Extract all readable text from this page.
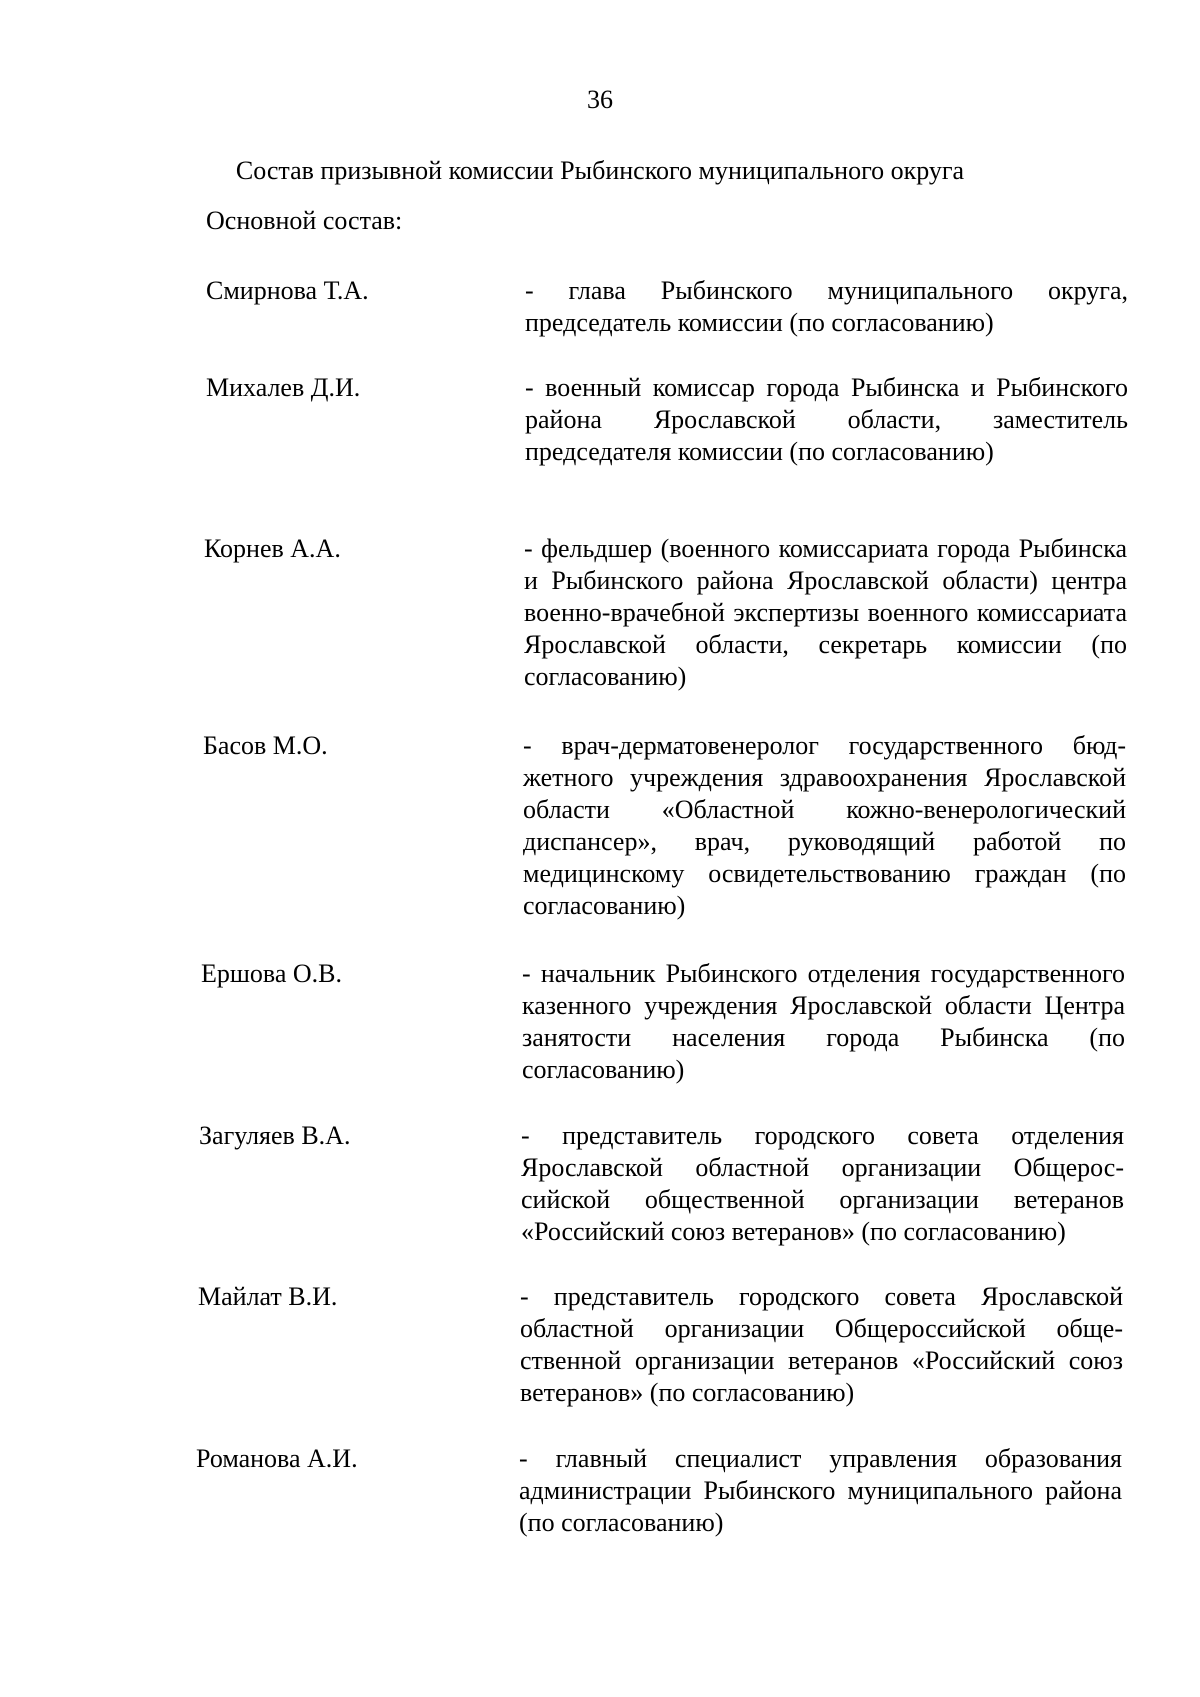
36
Состав призывной комиссии Рыбинского муниципального округа
Основной состав:
Смирнова Т.А.	- глава Рыбинского муниципального округа, председатель комиссии (по согласованию)
Михалев Д.И.	- военный комиссар города Рыбинска и Рыбинского района Ярославской области, заместитель председателя комиссии (по согласованию)
Корнев А.А.	- фельдшер (военного комиссариата города Рыбинска и Рыбинского района Ярославской области) центра военно-врачебной экспертизы военного комиссариата Ярославской области, секретарь комиссии (по согласованию)
Басов М.О.	- врач-дерматовенеролог государственного бюджетного учреждения здравоохранения Ярославской области «Областной кожно-венерологический диспансер», врач, руководящий работой по медицинскому освидетельствованию граждан (по согласованию)
Ершова О.В.	- начальник Рыбинского отделения государственного казенного учреждения Ярославской области Центра занятости населения города Рыбинска (по согласованию)
Загуляев В.А.	- представитель городского совета отделения Ярославской областной организации Общероссийской общественной организации ветеранов «Российский союз ветеранов» (по согласованию)
Майлат В.И.	- представитель городского совета Ярославской областной организации Общероссийской общественной организации ветеранов «Российский союз ветеранов» (по согласованию)
Романова А.И.	- главный специалист управления образования администрации Рыбинского муниципального района (по согласованию)
